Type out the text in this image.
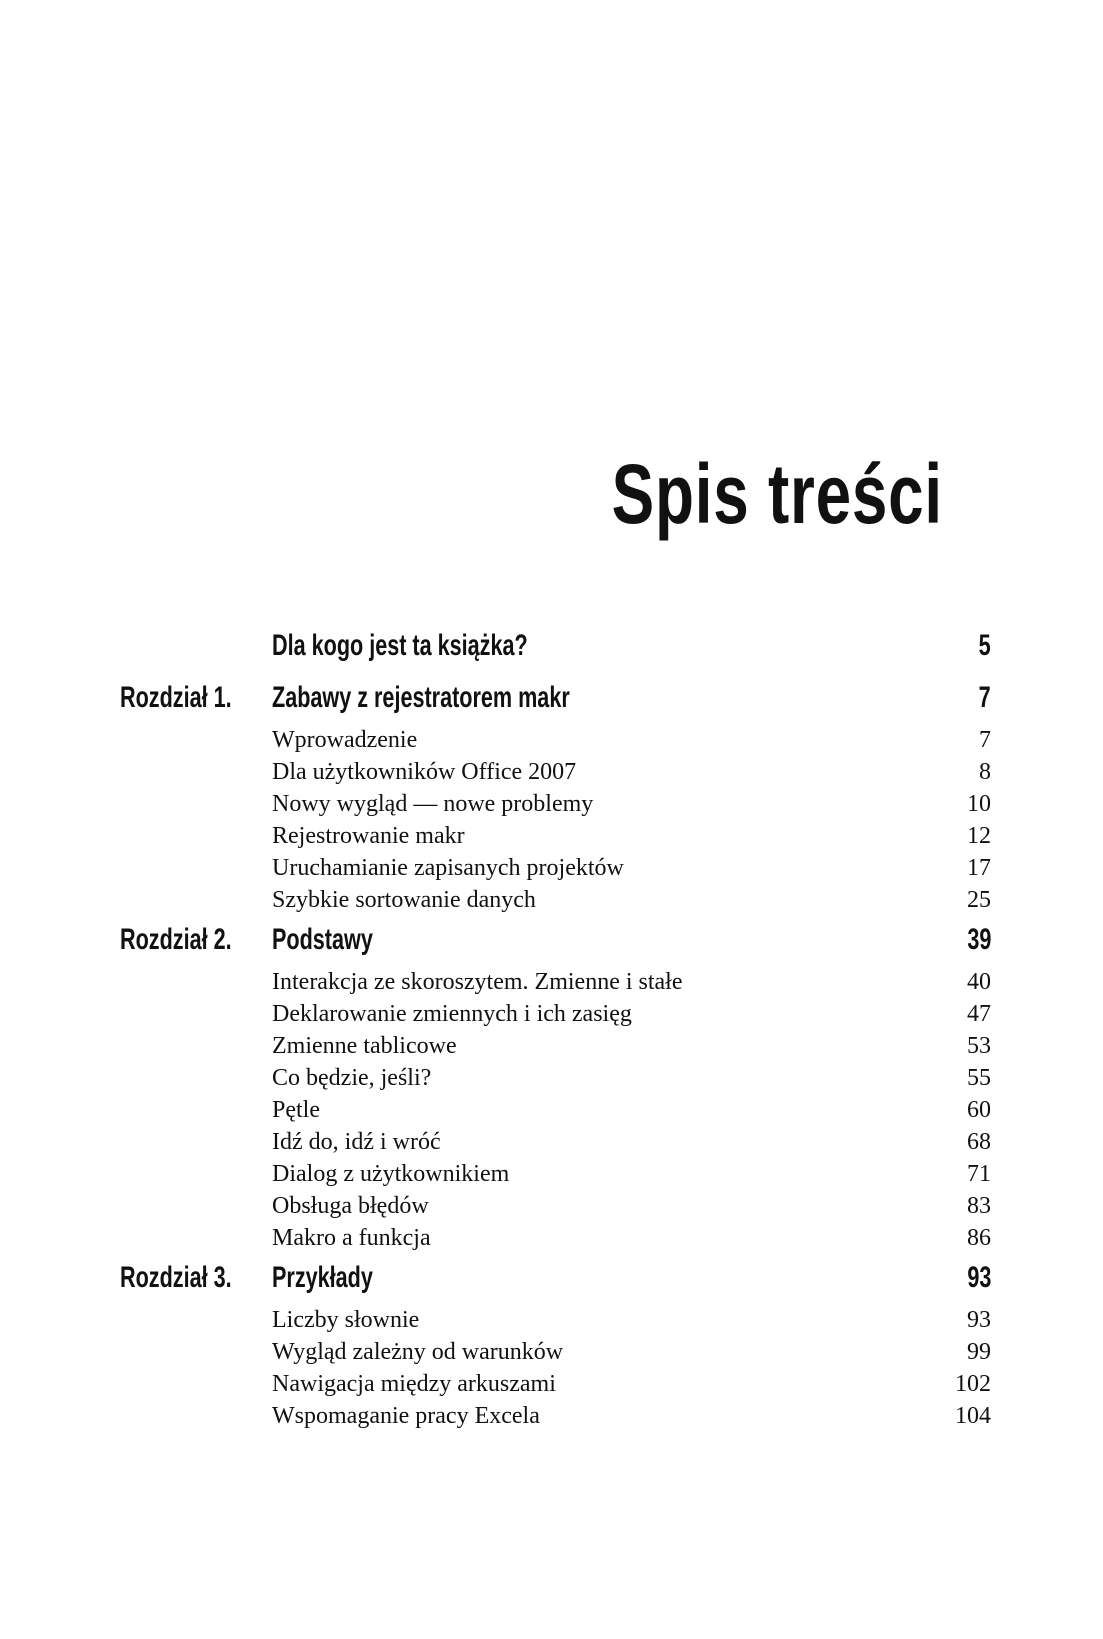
Spis treści
Dla kogo jest ta książka?	5
Rozdział 1. Zabawy z rejestratorem makr	7
Wprowadzenie	7
Dla użytkowników Office 2007	8
Nowy wygląd — nowe problemy	10
Rejestrowanie makr	12
Uruchamianie zapisanych projektów	17
Szybkie sortowanie danych	25
Rozdział 2. Podstawy	39
Interakcja ze skoroszytem. Zmienne i stałe	40
Deklarowanie zmiennych i ich zasięg	47
Zmienne tablicowe	53
Co będzie, jeśli?	55
Pętle	60
Idź do, idź i wróć	68
Dialog z użytkownikiem	71
Obsługa błędów	83
Makro a funkcja	86
Rozdział 3. Przykłady	93
Liczby słownie	93
Wygląd zależny od warunków	99
Nawigacja między arkuszami	102
Wspomaganie pracy Excela	104
